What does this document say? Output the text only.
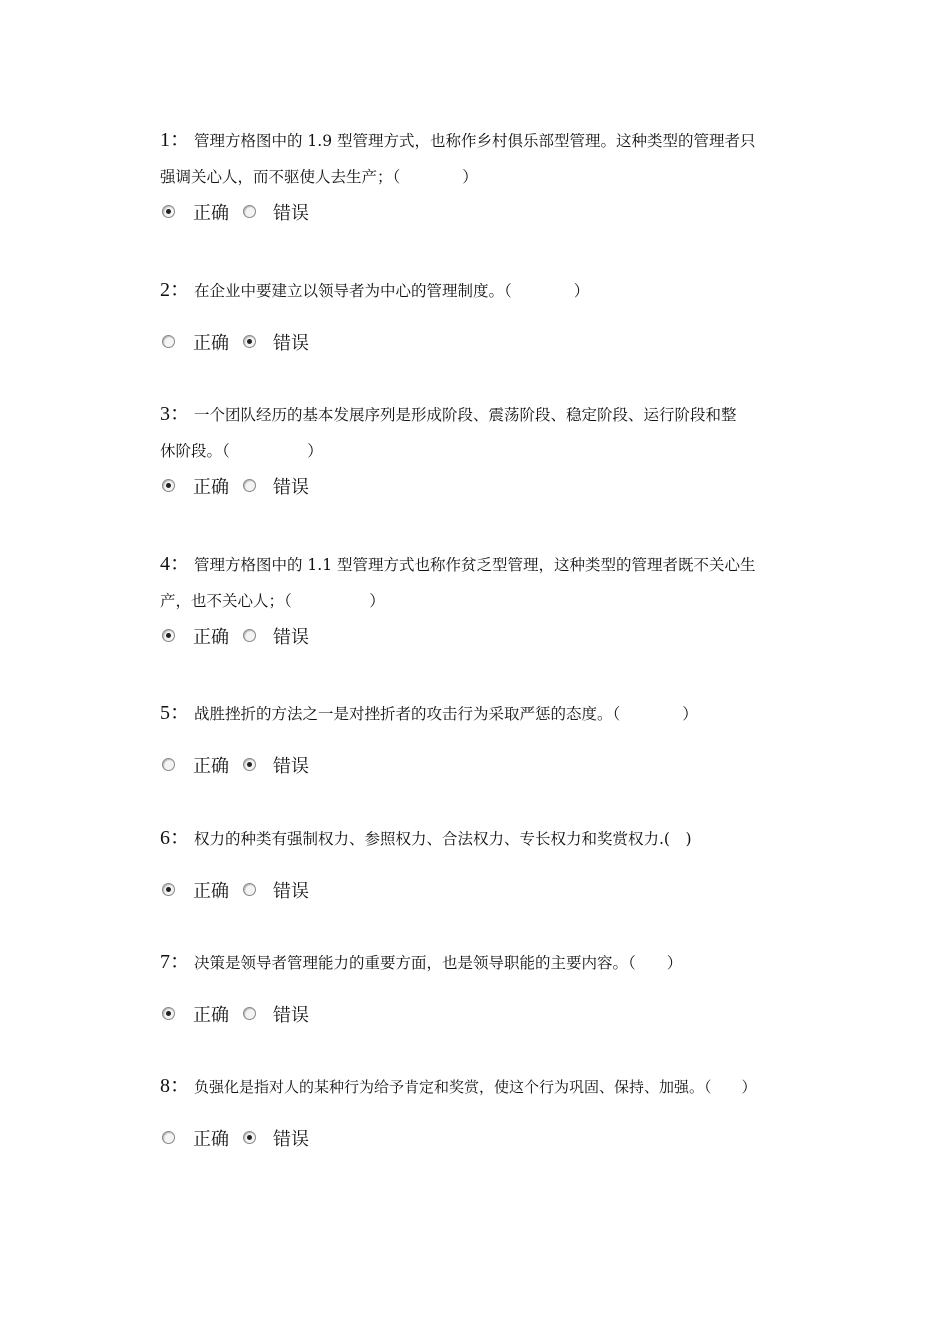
1： 管理方格图中的 1.9 型管理方式，也称作乡村俱乐部型管理。这种类型的管理者只
强调关心人，而不驱使人去生产；（　　　　）
正确 错误
2： 在企业中要建立以领导者为中心的管理制度。（　　　　）
正确 错误
3： 一个团队经历的基本发展序列是形成阶段、震荡阶段、稳定阶段、运行阶段和整
休阶段。（　　　　　）
正确 错误
4： 管理方格图中的 1.1 型管理方式也称作贫乏型管理，这种类型的管理者既不关心生
产，也不关心人；（　　　　　）
正确 错误
5： 战胜挫折的方法之一是对挫折者的攻击行为采取严惩的态度。（　　　　）
正确 错误
6： 权力的种类有强制权力、参照权力、合法权力、专长权力和奖赏权力.(　)
正确 错误
7： 决策是领导者管理能力的重要方面，也是领导职能的主要内容。（　　）
正确 错误
8： 负强化是指对人的某种行为给予肯定和奖赏，使这个行为巩固、保持、加强。（　　）
正确 错误
